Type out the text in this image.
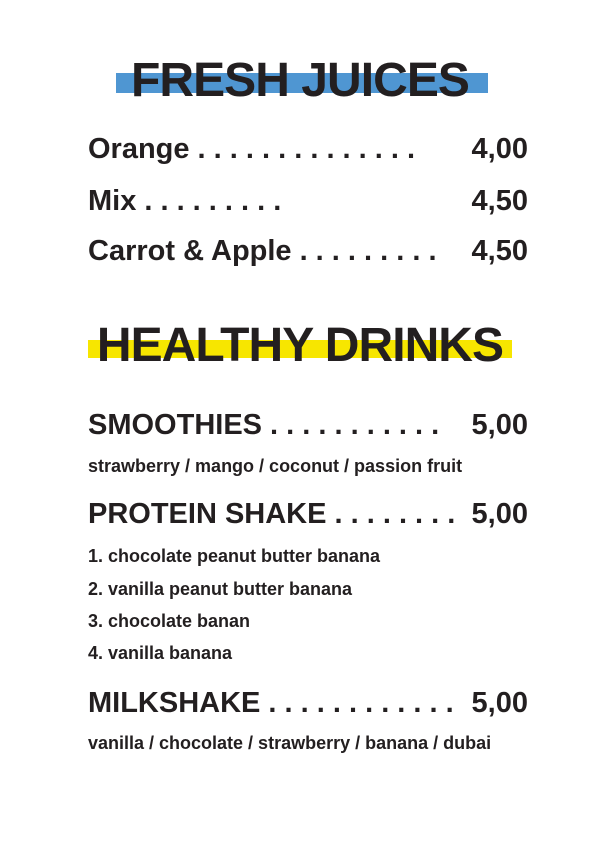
FRESH JUICES
Orange . . . . . . . . . . . . . . 4,00
Mix . . . . . . . . .	4,50
Carrot & Apple . . . . . . . . . 4,50
HEALTHY DRINKS
SMOOTHIES . . . . . . . . . . . 5,00
strawberry / mango / coconut / passion fruit
PROTEIN SHAKE . . . . . . . . 5,00
1. chocolate peanut butter banana
2. vanilla peanut butter banana
3. chocolate banan
4. vanilla banana
MILKSHAKE . . . . . . . . . . . . 5,00
vanilla / chocolate / strawberry / banana / dubai
